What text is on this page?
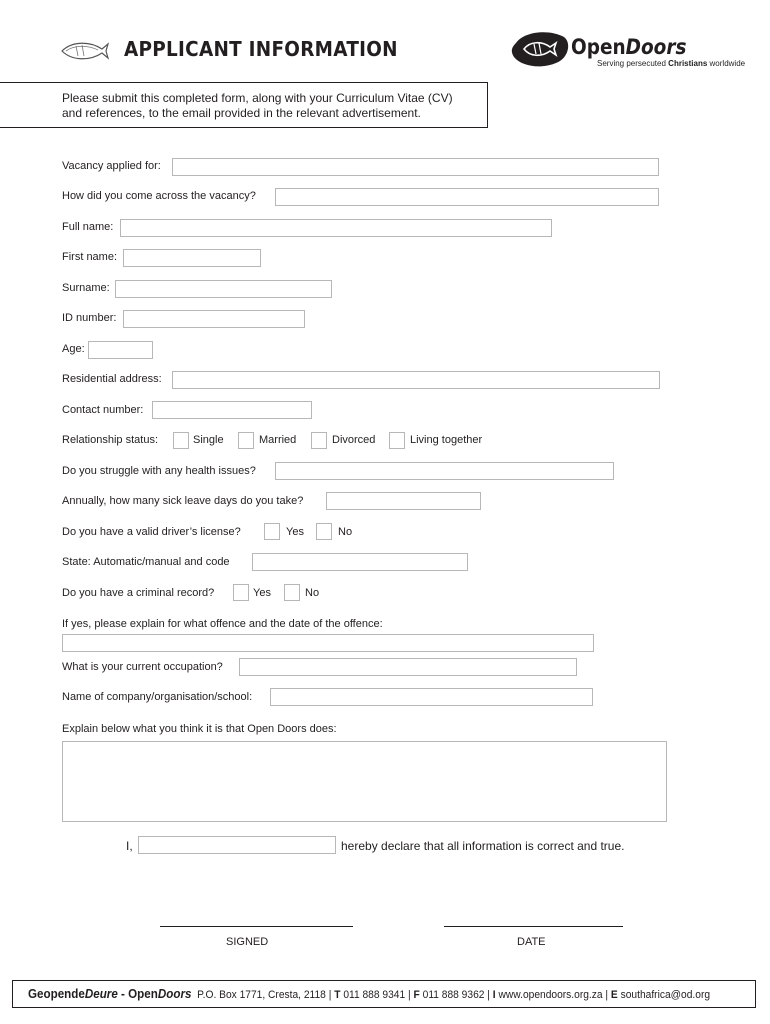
APPLICANT INFORMATION	OpenDoors
Serving persecuted Christians worldwide
Please submit this completed form, along with your Curriculum Vitae (CV)
and references, to the email provided in the relevant advertisement.
Vacancy applied for:
How did you come across the vacancy?
Full name:
First name:
Surname:
ID number:
Age:
Residential address:
Contact number:
Relationship status:	Single	Married	Divorced	Living together
Do you struggle with any health issues?
Annually, how many sick leave days do you take?
Do you have a valid driver’s license?	Yes	No
State: Automatic/manual and code
Do you have a criminal record?	Yes	No
If yes, please explain for what offence and the date of the offence:
What is your current occupation?
Name of company/organisation/school:
Explain below what you think it is that Open Doors does:
I,	hereby declare that all information is correct and true.
SIGNED	DATE
GeopendeDeure - OpenDoors P.O. Box 1771, Cresta, 2118 | T 011 888 9341 | F 011 888 9362 | I www.opendoors.org.za | E southafrica@od.org
